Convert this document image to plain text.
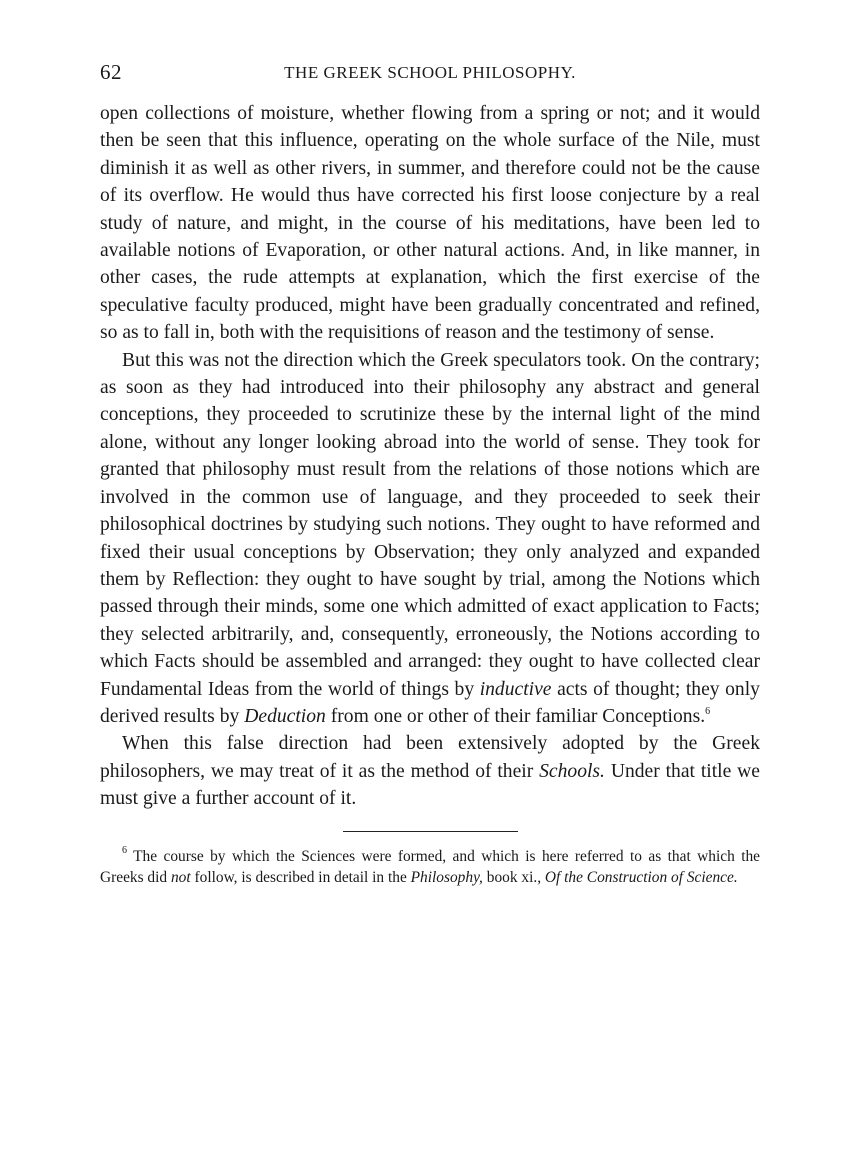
62	THE GREEK SCHOOL PHILOSOPHY.

open collections of moisture, whether flowing from a spring or not; and it would then be seen that this influence, operating on the whole surface of the Nile, must diminish it as well as other rivers, in summer, and therefore could not be the cause of its overflow. He would thus have corrected his first loose conjecture by a real study of nature, and might, in the course of his meditations, have been led to available notions of Evaporation, or other natural actions. And, in like manner, in other cases, the rude attempts at explanation, which the first exercise of the speculative faculty produced, might have been gradually concentrated and refined, so as to fall in, both with the requisitions of reason and the testimony of sense.

But this was not the direction which the Greek speculators took. On the contrary; as soon as they had introduced into their philosophy any abstract and general conceptions, they proceeded to scrutinize these by the internal light of the mind alone, without any longer looking abroad into the world of sense. They took for granted that philosophy must result from the relations of those notions which are involved in the common use of language, and they proceeded to seek their philosophical doctrines by studying such notions. They ought to have reformed and fixed their usual conceptions by Observation; they only analyzed and expanded them by Reflection: they ought to have sought by trial, among the Notions which passed through their minds, some one which admitted of exact application to Facts; they selected arbitrarily, and, consequently, erroneously, the Notions according to which Facts should be assembled and arranged: they ought to have collected clear Fundamental Ideas from the world of things by inductive acts of thought; they only derived results by Deduction from one or other of their familiar Conceptions.$^6$

When this false direction had been extensively adopted by the Greek philosophers, we may treat of it as the method of their Schools. Under that title we must give a further account of it.

$^6$ The course by which the Sciences were formed, and which is here referred to as that which the Greeks did not follow, is described in detail in the Philosophy, book xi., Of the Construction of Science.
